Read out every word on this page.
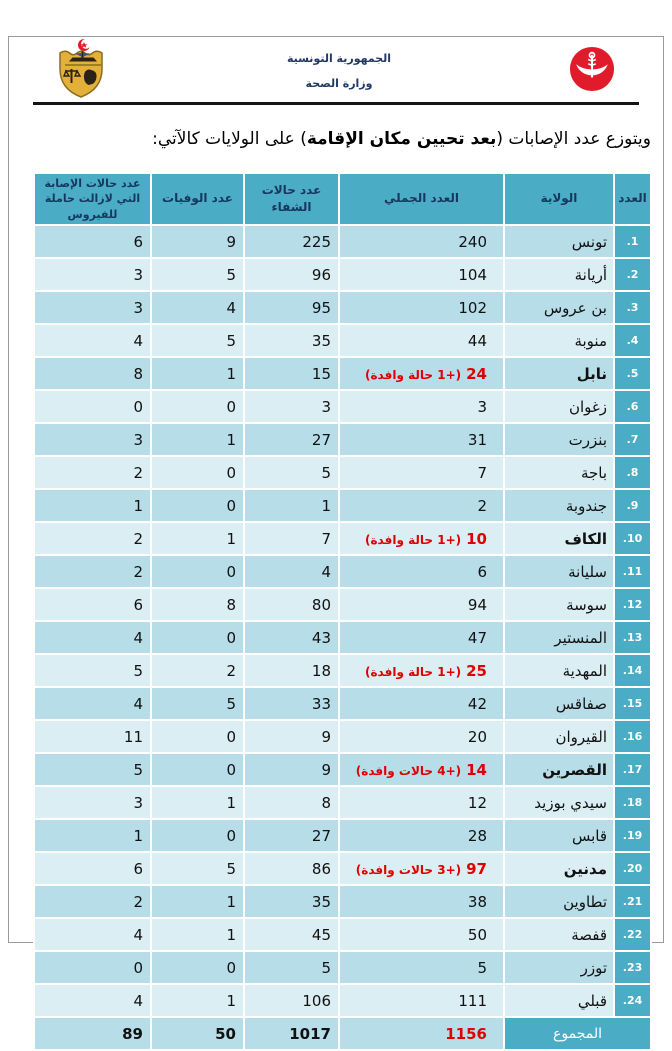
الجمهورية التونسية
وزارة الصحة

ويتوزع عدد الإصابات (بعد تحيين مكان الإقامة) على الولايات كالآتي:

العدد	الولاية	العدد الجملي	عدد حالات الشفاء	عدد الوفيات	عدد حالات الإصابة التي لازالت حاملة للفيروس
1.	تونس	240	225	9	6
2.	أريانة	104	96	5	3
3.	بن عروس	102	95	4	3
4.	منوبة	44	35	5	4
5.	نابل	24(+1 حالة وافدة)	15	1	8
6.	زغوان	3	3	0	0
7.	بنزرت	31	27	1	3
8.	باجة	7	5	0	2
9.	جندوبة	2	1	0	1
10.	الكاف	10(+1 حالة وافدة)	7	1	2
11.	سليانة	6	4	0	2
12.	سوسة	94	80	8	6
13.	المنستير	47	43	0	4
14.	المهدية	25(+1 حالة وافدة)	18	2	5
15.	صفاقس	42	33	5	4
16.	القيروان	20	9	0	11
17.	القصرين	14(+4 حالات وافدة)	9	0	5
18.	سيدي بوزيد	12	8	1	3
19.	قابس	28	27	0	1
20.	مدنين	97(+3 حالات وافدة)	86	5	6
21.	تطاوين	38	35	1	2
22.	قفصة	50	45	1	4
23.	توزر	5	5	0	0
24.	قبلي	111	106	1	4
المجموع		1156	1017	50	89
